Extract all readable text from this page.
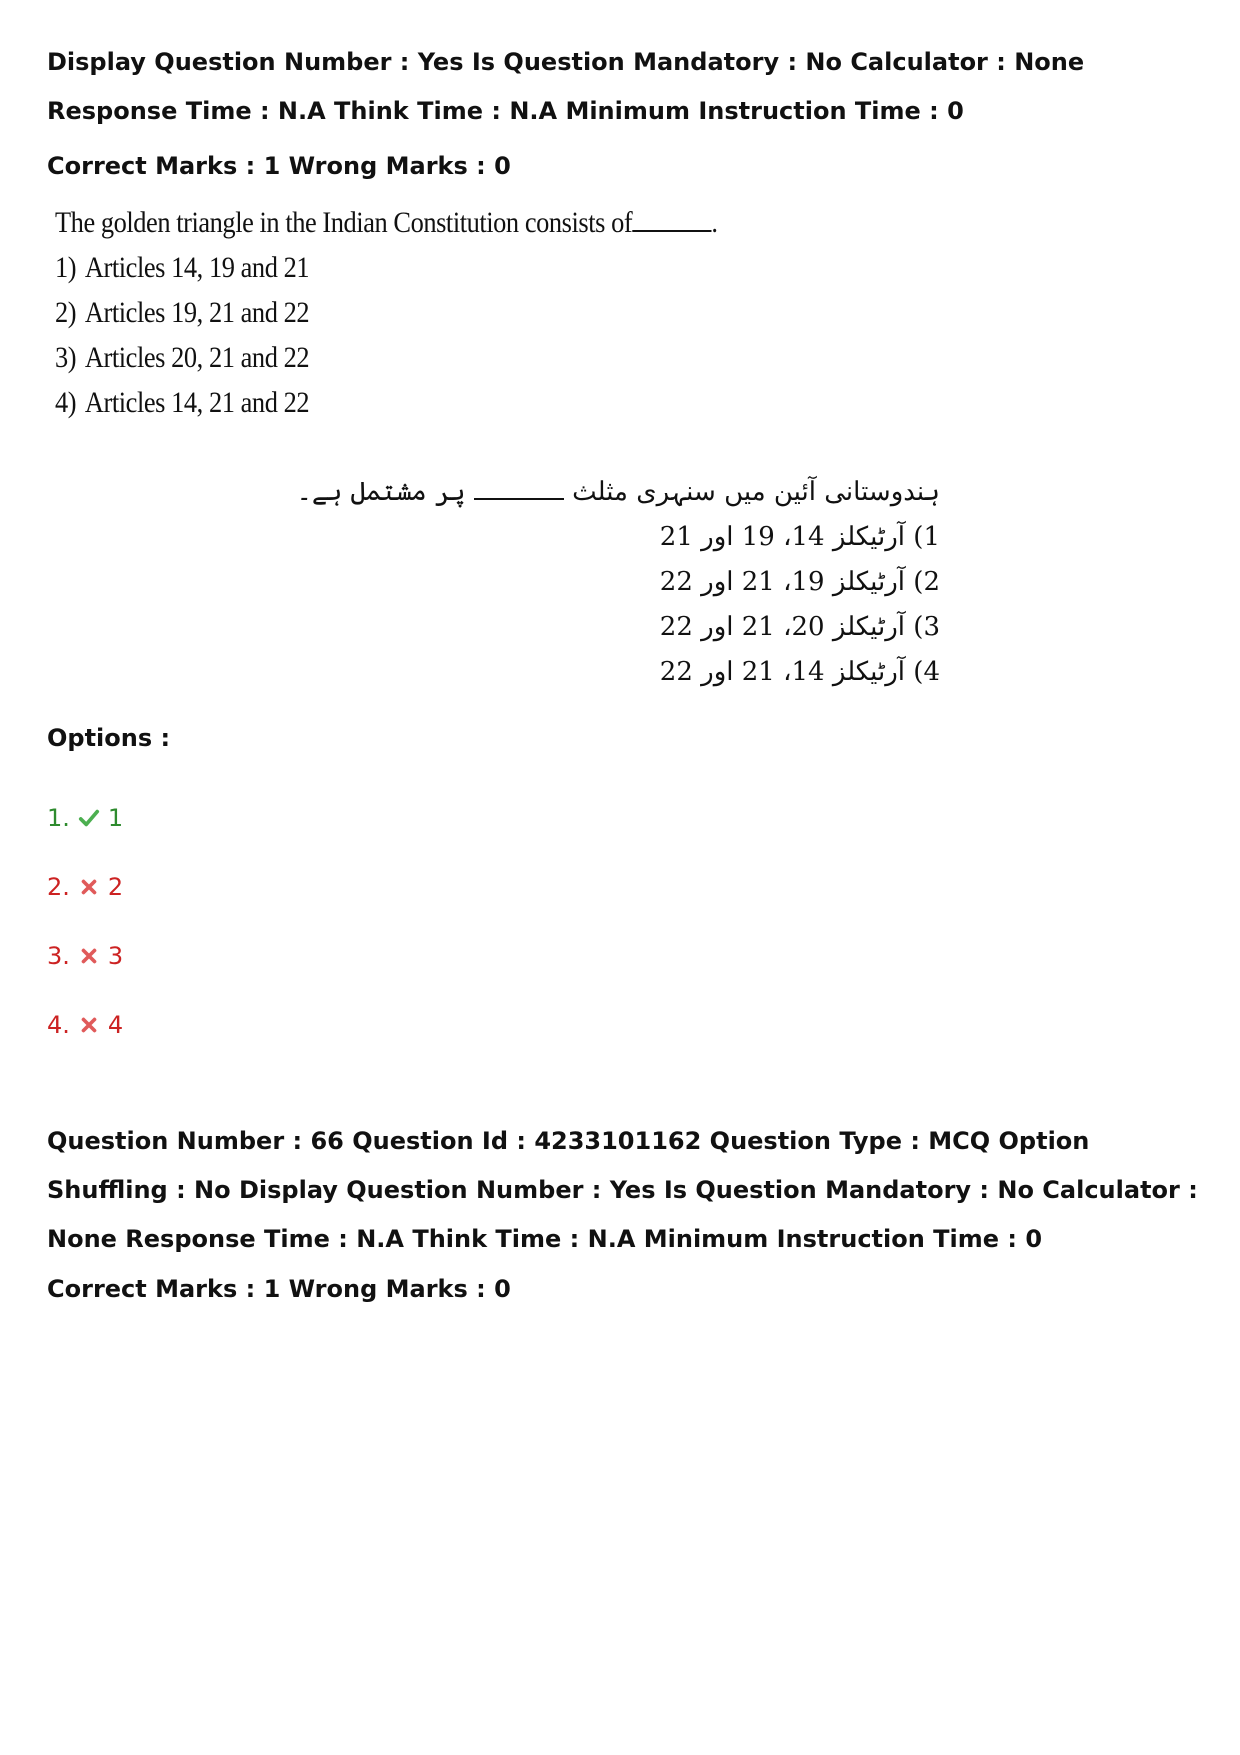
Display Question Number : Yes Is Question Mandatory : No Calculator : None Response Time : N.A Think Time : N.A Minimum Instruction Time : 0

Correct Marks : 1 Wrong Marks : 0

The golden triangle in the Indian Constitution consists of	.
1) Articles 14, 19 and 21
2) Articles 19, 21 and 22
3) Articles 20, 21 and 22
4) Articles 14, 21 and 22
ہندوستانی آئین میں سنہری مثلث  پر مشتمل ہے۔
1) آرٹیکلز 14، 19 اور 21
2) آرٹیکلز 19، 21 اور 22
3) آرٹیکلز 20، 21 اور 22
4) آرٹیکلز 14، 21 اور 22

Options :

1. 1
2. 2
3. 3
4. 4

Question Number : 66 Question Id : 4233101162 Question Type : MCQ Option Shuffling : No Display Question Number : Yes Is Question Mandatory : No Calculator : None Response Time : N.A Think Time : N.A Minimum Instruction Time : 0

Correct Marks : 1 Wrong Marks : 0
